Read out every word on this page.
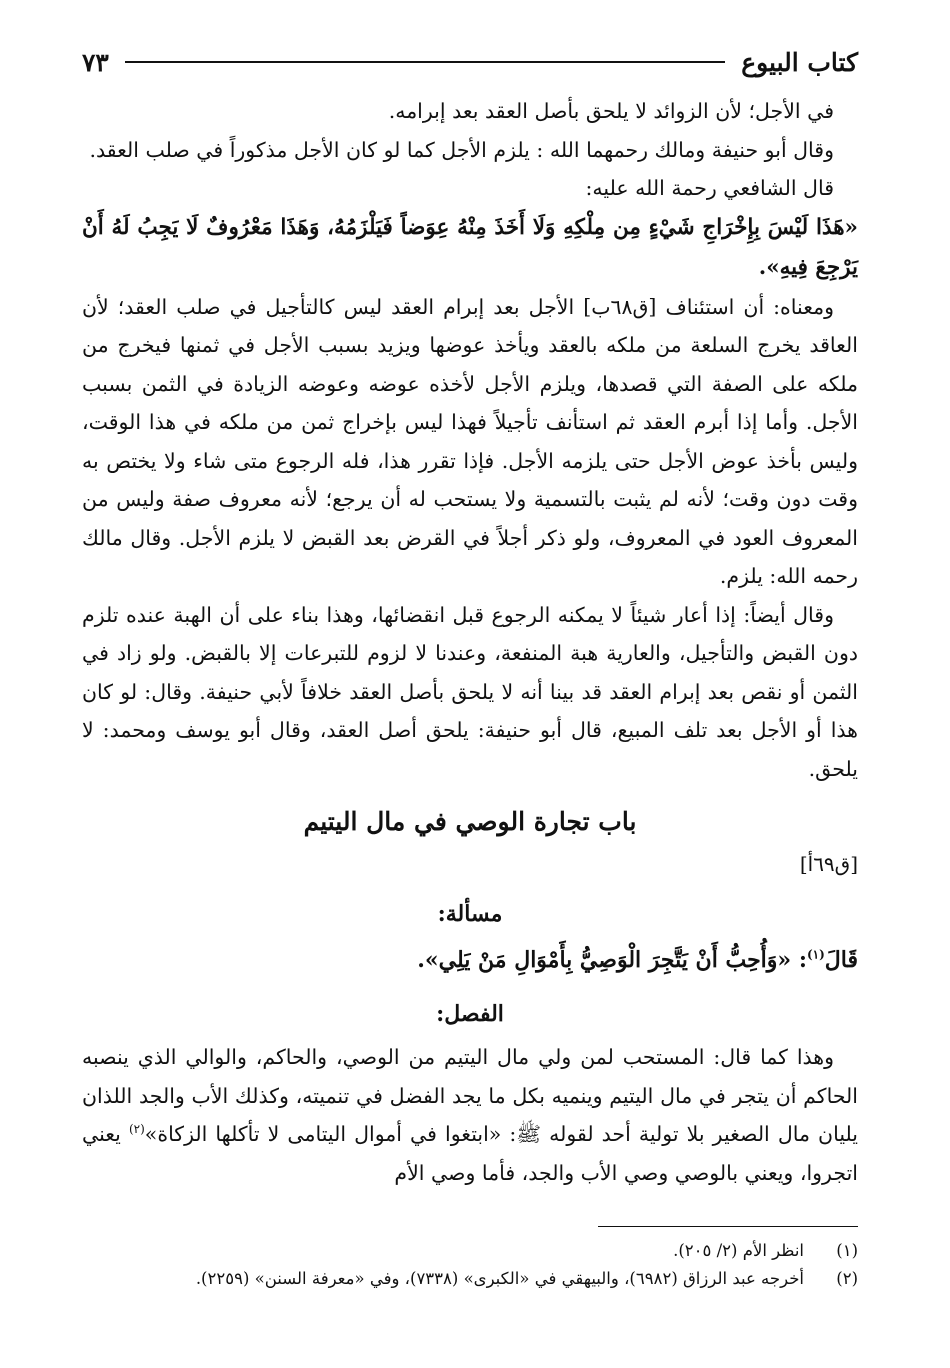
كتاب البيوع
٧٣

في الأجل؛ لأن الزوائد لا يلحق بأصل العقد بعد إبرامه.

وقال أبو حنيفة ومالك رحمهما الله : يلزم الأجل كما لو كان الأجل مذكوراً في صلب العقد.

قال الشافعي رحمة الله عليه:

«هَذَا لَيْسَ بِإِخْرَاجِ شَيْءٍ مِن مِلْكِهِ وَلَا أَخَذَ مِنْهُ عِوَضاً فَيَلْزَمُهُ، وَهَذَا مَعْرُوفٌ لَا يَجِبُ لَهُ أَنْ يَرْجِعَ فِيهِ».

ومعناه: أن استئناف [ق٦٨ب] الأجل بعد إبرام العقد ليس كالتأجيل في صلب العقد؛ لأن العاقد يخرج السلعة من ملكه بالعقد ويأخذ عوضها ويزيد بسبب الأجل في ثمنها فيخرج من ملكه على الصفة التي قصدها، ويلزم الأجل لأخذه عوضه وعوضه الزيادة في الثمن بسبب الأجل. وأما إذا أبرم العقد ثم استأنف تأجيلاً فهذا ليس بإخراج ثمن من ملكه في هذا الوقت، وليس بأخذ عوض الأجل حتى يلزمه الأجل. فإذا تقرر هذا، فله الرجوع متى شاء ولا يختص به وقت دون وقت؛ لأنه لم يثبت بالتسمية ولا يستحب له أن يرجع؛ لأنه معروف صفة وليس من المعروف العود في المعروف، ولو ذكر أجلاً في القرض بعد القبض لا يلزم الأجل. وقال مالك رحمه الله: يلزم.

وقال أيضاً: إذا أعار شيئاً لا يمكنه الرجوع قبل انقضائها، وهذا بناء على أن الهبة عنده تلزم دون القبض والتأجيل، والعارية هبة المنفعة، وعندنا لا لزوم للتبرعات إلا بالقبض. ولو زاد في الثمن أو نقص بعد إبرام العقد قد بينا أنه لا يلحق بأصل العقد خلافاً لأبي حنيفة. وقال: لو كان هذا أو الأجل بعد تلف المبيع، قال أبو حنيفة: يلحق أصل العقد، وقال أبو يوسف ومحمد: لا يلحق.

باب تجارة الوصي في مال اليتيم
[ق٦٩أ]
مسألة:
قَالَ$^{(١)}$: «وَأُحِبُّ أَنْ يَتَّجِرَ الْوَصِيُّ بِأَمْوَالِ مَنْ يَلِي».
الفصل:

وهذا كما قال: المستحب لمن ولي مال اليتيم من الوصي، والحاكم، والوالي الذي ينصبه الحاكم أن يتجر في مال اليتيم وينميه بكل ما يجد الفضل في تنميته، وكذلك الأب والجد اللذان يليان مال الصغير بلا تولية أحد لقوله ﷺ: «ابتغوا في أموال اليتامى لا تأكلها الزكاة»$^{(٢)}$ يعني اتجروا، ويعني بالوصي وصي الأب والجد، فأما وصي الأم

(١)
انظر الأم (٢/ ٢٠٥).
(٢)
أخرجه عبد الرزاق (٦٩٨٢)، والبيهقي في «الكبرى» (٧٣٣٨)، وفي «معرفة السنن» (٢٢٥٩).
